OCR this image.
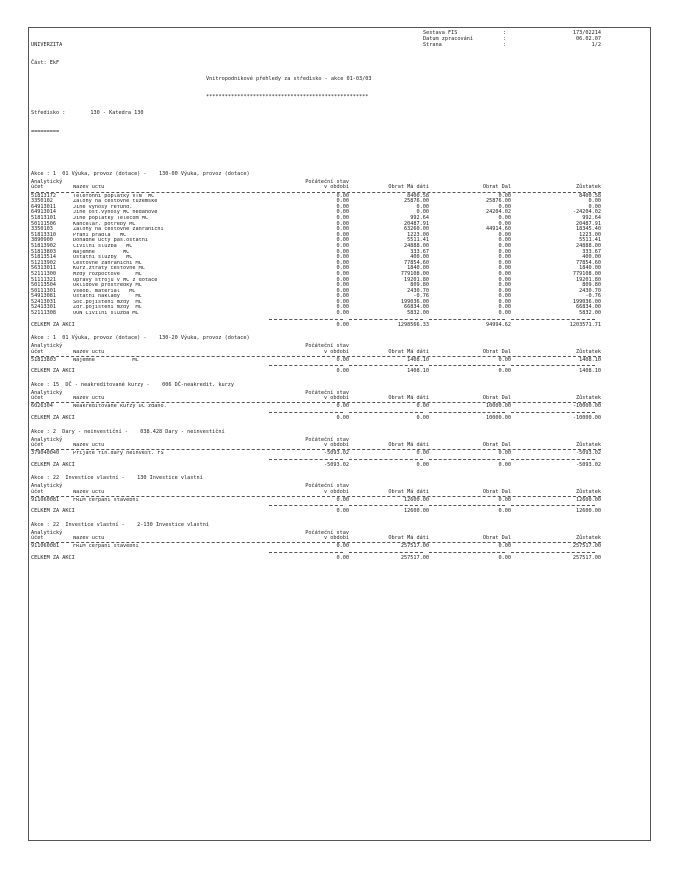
UNIVERZITA

Část: EkF

Sestava FIS	:	173/02214
Datum zpracování	:	06.02.07
Strana	:	1/2

Vnitropodnikové přehledy za středisko - akce 01-03/03

****************************************************

Středisko :	130 - Katedra 130

=========

Akce : 1  01 Výuka, provoz (dotace) -    130-00 Výuka, provoz (dotace)
Analytický	Počáteční stav
účet	Název účtu	v období	Obrat Má dáti	Obrat Dal	Zůstatek
51813172	Telefonní poplatky VTN  MČ	0.00	8400.58	0.00	8400.58
3350102	Zálohy na cestovné tuzemské	0.00	25876.00	25876.00	0.00
64913011	Jiné výnosy refund.	0.00	0.00	0.00	0.00
64913014	Jiné ost.výnosy MČ nedaňové	0.00	0.00	24204.02	-24204.02
51813101	Jiné poplatky Telecom MČ	0.00	992.64	0.00	992.64
50111506	Kancelář. potřeby MČ	0.00	20487.91	0.00	20487.91
3350103	Zálohy na cestovné zahraniční	0.00	63260.00	44914.60	18345.40
51813310	Praní prádla   MČ	0.00	1223.00	0.00	1223.00
3890900	Dohadné účty pas.ostatní	0.00	5511.41	0.00	5511.41
51813902	Civilní služba   MČ	0.00	24888.00	0.00	24888.00
51813803	Nájemné         MČ	0.00	333.67	0.00	333.67
51813514	Ostatní služby   MČ	0.00	400.00	0.00	400.00
51213902	Cestovné zahraniční MČ	0.00	77854.60	0.00	77854.60
56313011	Kurz.ztráty cestovné MČ	0.00	1840.00	0.00	1840.00
52111300	Mzdy rozpočtové     MČ	0.00	779108.00	0.00	779108.00
51111321	Opravy strojů v MČ z dotace	0.00	19201.80	0.00	19201.80
50113504	Úklidové prostředky MČ	0.00	809.80	0.00	809.80
50111301	Všeob. materiál   MČ	0.00	2430.70	0.00	2430.70
54913081	Ostatní náklady     MČ	0.00	-0.76	0.00	-0.76
52413031	Soc.pojištění mzdy  MČ	0.00	199036.00	0.00	199036.00
52413301	Zdr.pojištění mzdy  MČ	0.00	66834.00	0.00	66834.00
52111308	OON Civilní služba MČ	0.00	5832.00	0.00	5832.00
CELKEM ZA AKCI	0.00	1298566.33	94994.62	1203571.71
Akce : 1  01 Výuka, provoz (dotace) -    130-20 Výuka, provoz (dotace)
Analytický	Počáteční stav
účet	Název účtu	v období	Obrat Má dáti	Obrat Dal	Zůstatek
51813803	Nájemné            MČ	0.00	1408.10	0.00	1408.10
CELKEM ZA AKCI	0.00	1408.10	0.00	1408.10
Akce : 15  DČ - neakreditované kurzy -    006 DČ-neakredit. kurzy
Analytický	Počáteční stav
účet	Název účtu	v období	Obrat Má dáti	Obrat Dal	Zůstatek
6026304	Neakreditované kurzy DČ zdaňo.	0.00	0.00	10000.00	-10000.00
CELKEM ZA AKCI	0.00	0.00	10000.00	-10000.00
Akce : 2  Dary - neinvestiční -    038.428 Dary - neinvestiční
Analytický	Počáteční stav
účet	Název účtu	v období	Obrat Má dáti	Obrat Dal	Zůstatek
379040040	Přijaté fin.dary neinvest. FS	-5093.02	0.00	0.00	-5093.02
CELKEM ZA AKCI	-5093.02	0.00	0.00	-5093.02
Akce : 22  Investice vlastní -    130 Investice vlastní
Analytický	Počáteční stav
účet	Název účtu	v období	Obrat Má dáti	Obrat Dal	Zůstatek
911060081	FRIM čerpání stavební	0.00	12600.00	0.00	12600.00
CELKEM ZA AKCI	0.00	12600.00	0.00	12600.00
Akce : 22  Investice vlastní -    2-130 Investice vlastní
Analytický	Počáteční stav
účet	Název účtu	v období	Obrat Má dáti	Obrat Dal	Zůstatek
911060081	FRIM čerpání stavební	0.00	257517.00	0.00	257517.00
CELKEM ZA AKCI	0.00	257517.00	0.00	257517.00
